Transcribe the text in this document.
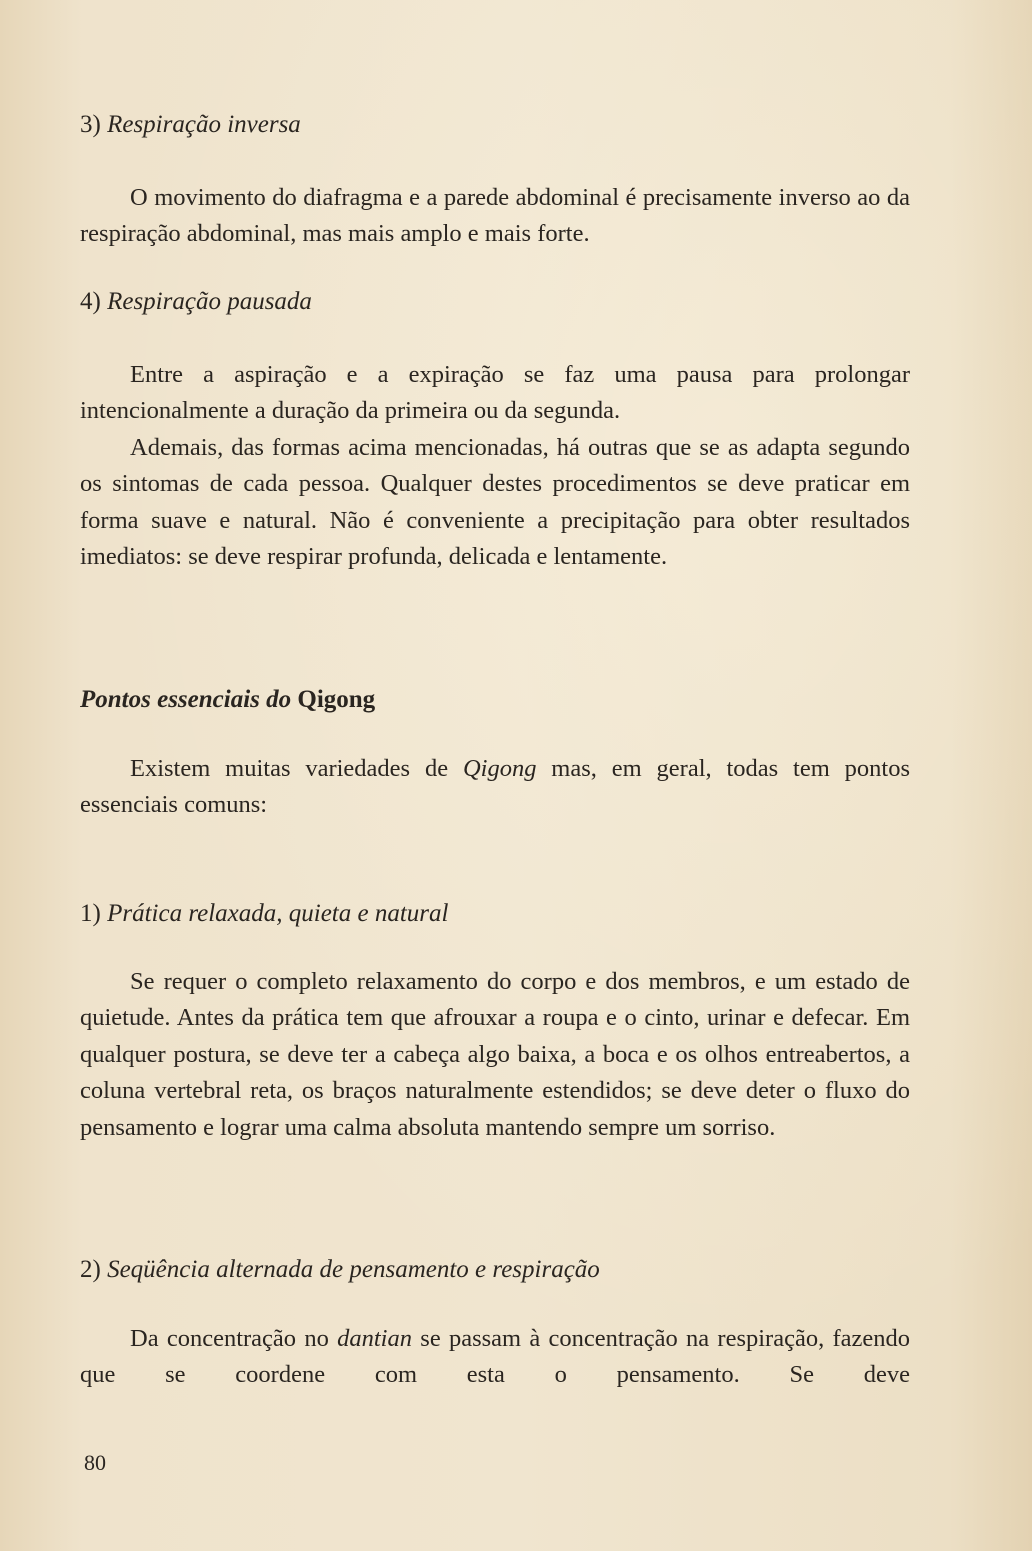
3) Respiração inversa

O movimento do diafragma e a parede abdominal é precisamente inverso ao da respiração abdominal, mas mais amplo e mais forte.

4) Respiração pausada

Entre a aspiração e a expiração se faz uma pausa para prolongar intencionalmente a duração da primeira ou da segunda.

Ademais, das formas acima mencionadas, há outras que se as adapta segundo os sintomas de cada pessoa. Qualquer destes procedimentos se deve praticar em forma suave e natural. Não é conveniente a precipitação para obter resultados imediatos: se deve respirar profunda, delicada e lentamente.

Pontos essenciais do Qigong

Existem muitas variedades de Qigong mas, em geral, todas tem pontos essenciais comuns:

1) Prática relaxada, quieta e natural

Se requer o completo relaxamento do corpo e dos membros, e um estado de quietude. Antes da prática tem que afrouxar a roupa e o cinto, urinar e defecar. Em qualquer postura, se deve ter a cabeça algo baixa, a boca e os olhos entreabertos, a coluna vertebral reta, os braços naturalmente estendidos; se deve deter o fluxo do pensamento e lograr uma calma absoluta mantendo sempre um sorriso.

2) Seqüência alternada de pensamento e respiração

Da concentração no dantian se passam à concentração na respiração, fazendo que se coordene com esta o pensamento. Se deve

80
